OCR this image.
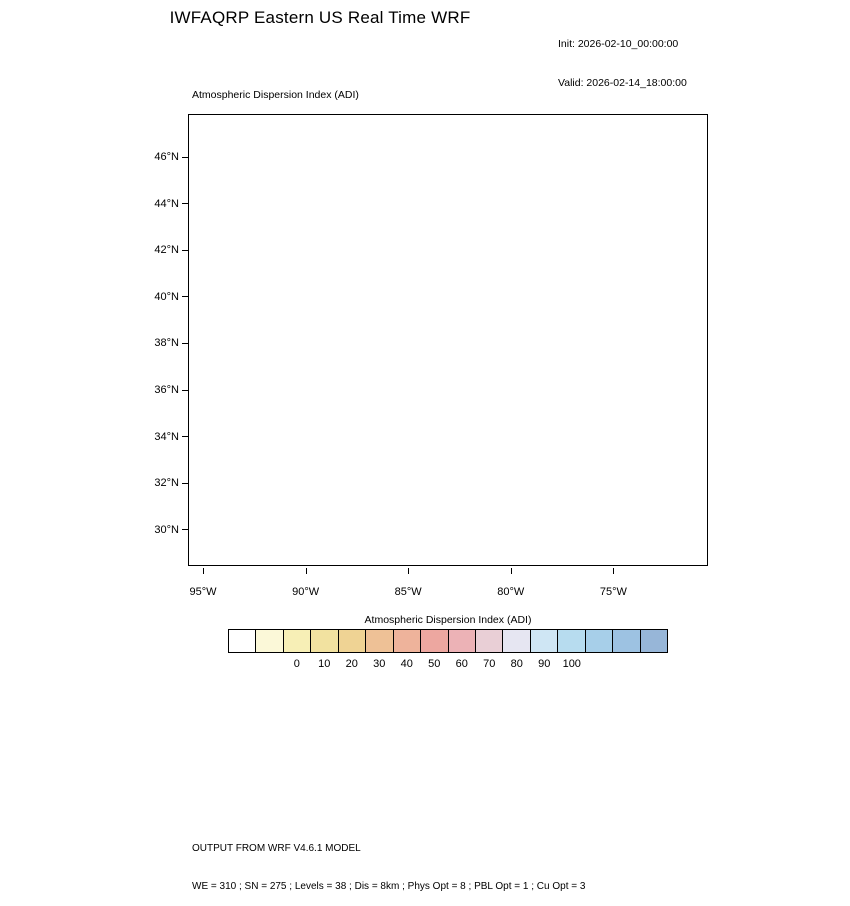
IWFAQRP Eastern US Real Time WRF

Init: 2026-02-10_00:00:00

Valid: 2026-02-14_18:00:00

Atmospheric Dispersion Index (ADI)
46°N
44°N
42°N
40°N
38°N
36°N
34°N
32°N
30°N
95°W	90°W	85°W	80°W	75°W
Atmospheric Dispersion Index (ADI)
0 10 20 30 40 50 60 70 80 90 100

OUTPUT FROM WRF V4.6.1 MODEL

WE = 310 ; SN = 275 ; Levels = 38 ; Dis = 8km ; Phys Opt = 8 ; PBL Opt = 1 ; Cu Opt = 3
